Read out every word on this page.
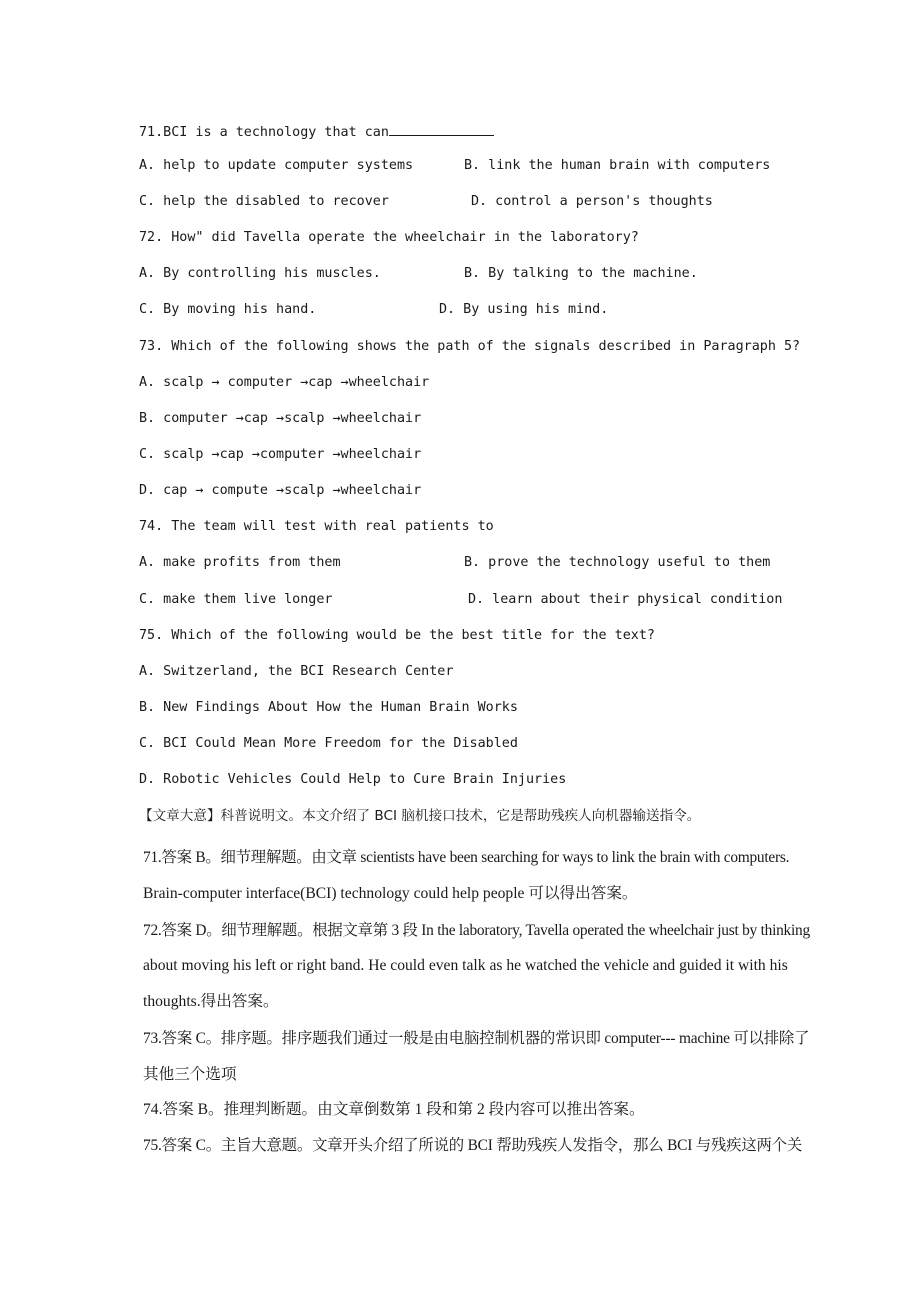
71.BCI is a technology that can
A. help to update computer systems	B. link the human brain with computers
C. help the disabled to recover	D. control a person's thoughts
72. How" did Tavella operate the wheelchair in the laboratory?
A. By controlling his muscles.	B. By talking to the machine.
C. By moving his hand.	D. By using his mind.
73. Which of the following shows the path of the signals described in Paragraph 5?
A. scalp → computer →cap →wheelchair
B. computer →cap →scalp →wheelchair
C. scalp →cap →computer →wheelchair
D. cap → compute →scalp →wheelchair
74. The team will test with real patients to
A. make profits from them	B. prove the technology useful to them
C. make them live longer	D. learn about their physical condition
75. Which of the following would be the best title for the text?
A. Switzerland, the BCI Research Center
B. New Findings About How the Human Brain Works
C. BCI Could Mean More Freedom for the Disabled
D. Robotic Vehicles Could Help to Cure Brain Injuries
【文章大意】科普说明文。本文介绍了 BCI 脑机接口技术，它是帮助残疾人向机器输送指令。
71.答案 B。细节理解题。由文章 scientists have been searching for ways to link the brain with computers.
Brain-computer interface(BCI) technology could help people 可以得出答案。
72.答案 D。细节理解题。根据文章第 3 段 In the laboratory, Tavella operated the wheelchair just by thinking
about moving his left or right band. He could even talk as he watched the vehicle and guided it with his
thoughts.得出答案。
73.答案 C。排序题。排序题我们通过一般是由电脑控制机器的常识即 computer--- machine 可以排除了
其他三个选项
74.答案 B。推理判断题。由文章倒数第 1 段和第 2 段内容可以推出答案。
75.答案 C。主旨大意题。文章开头介绍了所说的 BCI 帮助残疾人发指令，那么 BCI 与残疾这两个关
